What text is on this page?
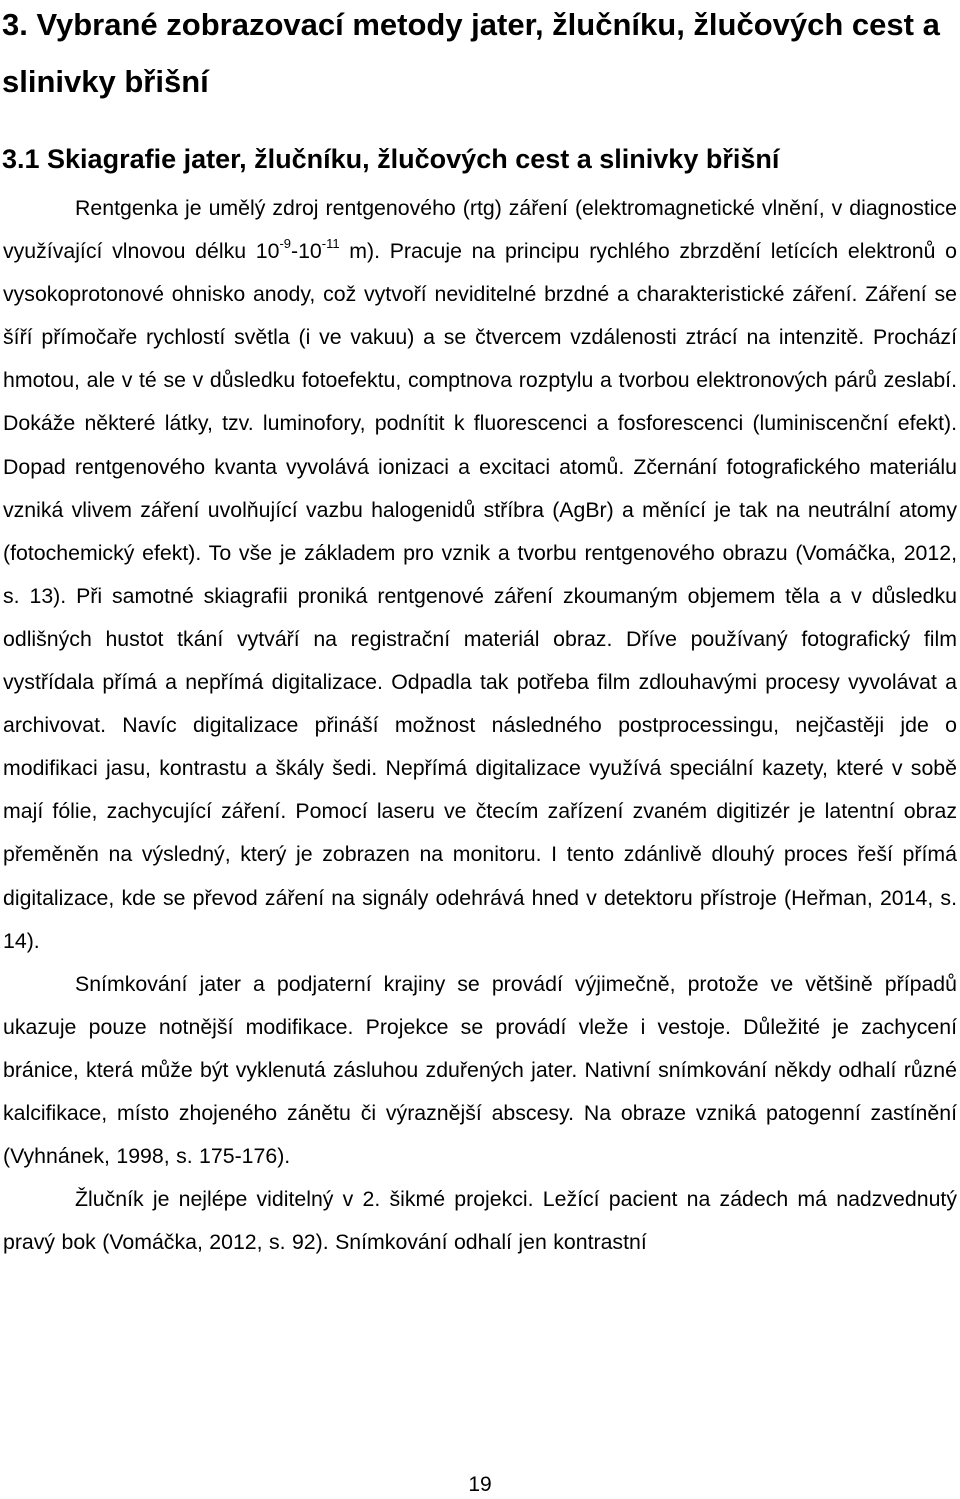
3. Vybrané zobrazovací metody jater, žlučníku, žlučových cest a slinivky břišní
3.1 Skiagrafie jater, žlučníku, žlučových cest a slinivky břišní

Rentgenka je umělý zdroj rentgenového (rtg) záření (elektromagnetické vlnění, v diagnostice využívající vlnovou délku $10^{-9}-10^{-11}$ m). Pracuje na principu rychlého zbrzdění letících elektronů o vysokoprotonové ohnisko anody, což vytvoří neviditelné brzdné a charakteristické záření. Záření se šíří přímočaře rychlostí světla (i ve vakuu) a se čtvercem vzdálenosti ztrácí na intenzitě. Prochází hmotou, ale v té se v důsledku fotoefektu, comptnova rozptylu a tvorbou elektronových párů zeslabí. Dokáže některé látky, tzv. luminofory, podnítit k fluorescenci a fosforescenci (luminiscenční efekt). Dopad rentgenového kvanta vyvolává ionizaci a excitaci atomů. Zčernání fotografického materiálu vzniká vlivem záření uvolňující vazbu halogenidů stříbra (AgBr) a měnící je tak na neutrální atomy (fotochemický efekt). To vše je základem pro vznik a tvorbu rentgenového obrazu (Vomáčka, 2012, s. 13). Při samotné skiagrafii proniká rentgenové záření zkoumaným objemem těla a v důsledku odlišných hustot tkání vytváří na registrační materiál obraz. Dříve používaný fotografický film vystřídala přímá a nepřímá digitalizace. Odpadla tak potřeba film zdlouhavými procesy vyvolávat a archivovat. Navíc digitalizace přináší možnost následného postprocessingu, nejčastěji jde o modifikaci jasu, kontrastu a škály šedi. Nepřímá digitalizace využívá speciální kazety, které v sobě mají fólie, zachycující záření. Pomocí laseru ve čtecím zařízení zvaném digitizér je latentní obraz přeměněn na výsledný, který je zobrazen na monitoru. I tento zdánlivě dlouhý proces řeší přímá digitalizace, kde se převod záření na signály odehrává hned v detektoru přístroje (Heřman, 2014, s. 14).

Snímkování jater a podjaterní krajiny se provádí výjimečně, protože ve většině případů ukazuje pouze notnější modifikace. Projekce se provádí vleže i vestoje. Důležité je zachycení bránice, která může být vyklenutá zásluhou zduřených jater. Nativní snímkování někdy odhalí různé kalcifikace, místo zhojeného zánětu či výraznější abscesy. Na obraze vzniká patogenní zastínění (Vyhnánek, 1998, s. 175-176).

Žlučník je nejlépe viditelný v 2. šikmé projekci. Ležící pacient na zádech má nadzvednutý pravý bok (Vomáčka, 2012, s. 92). Snímkování odhalí jen kontrastní

19
